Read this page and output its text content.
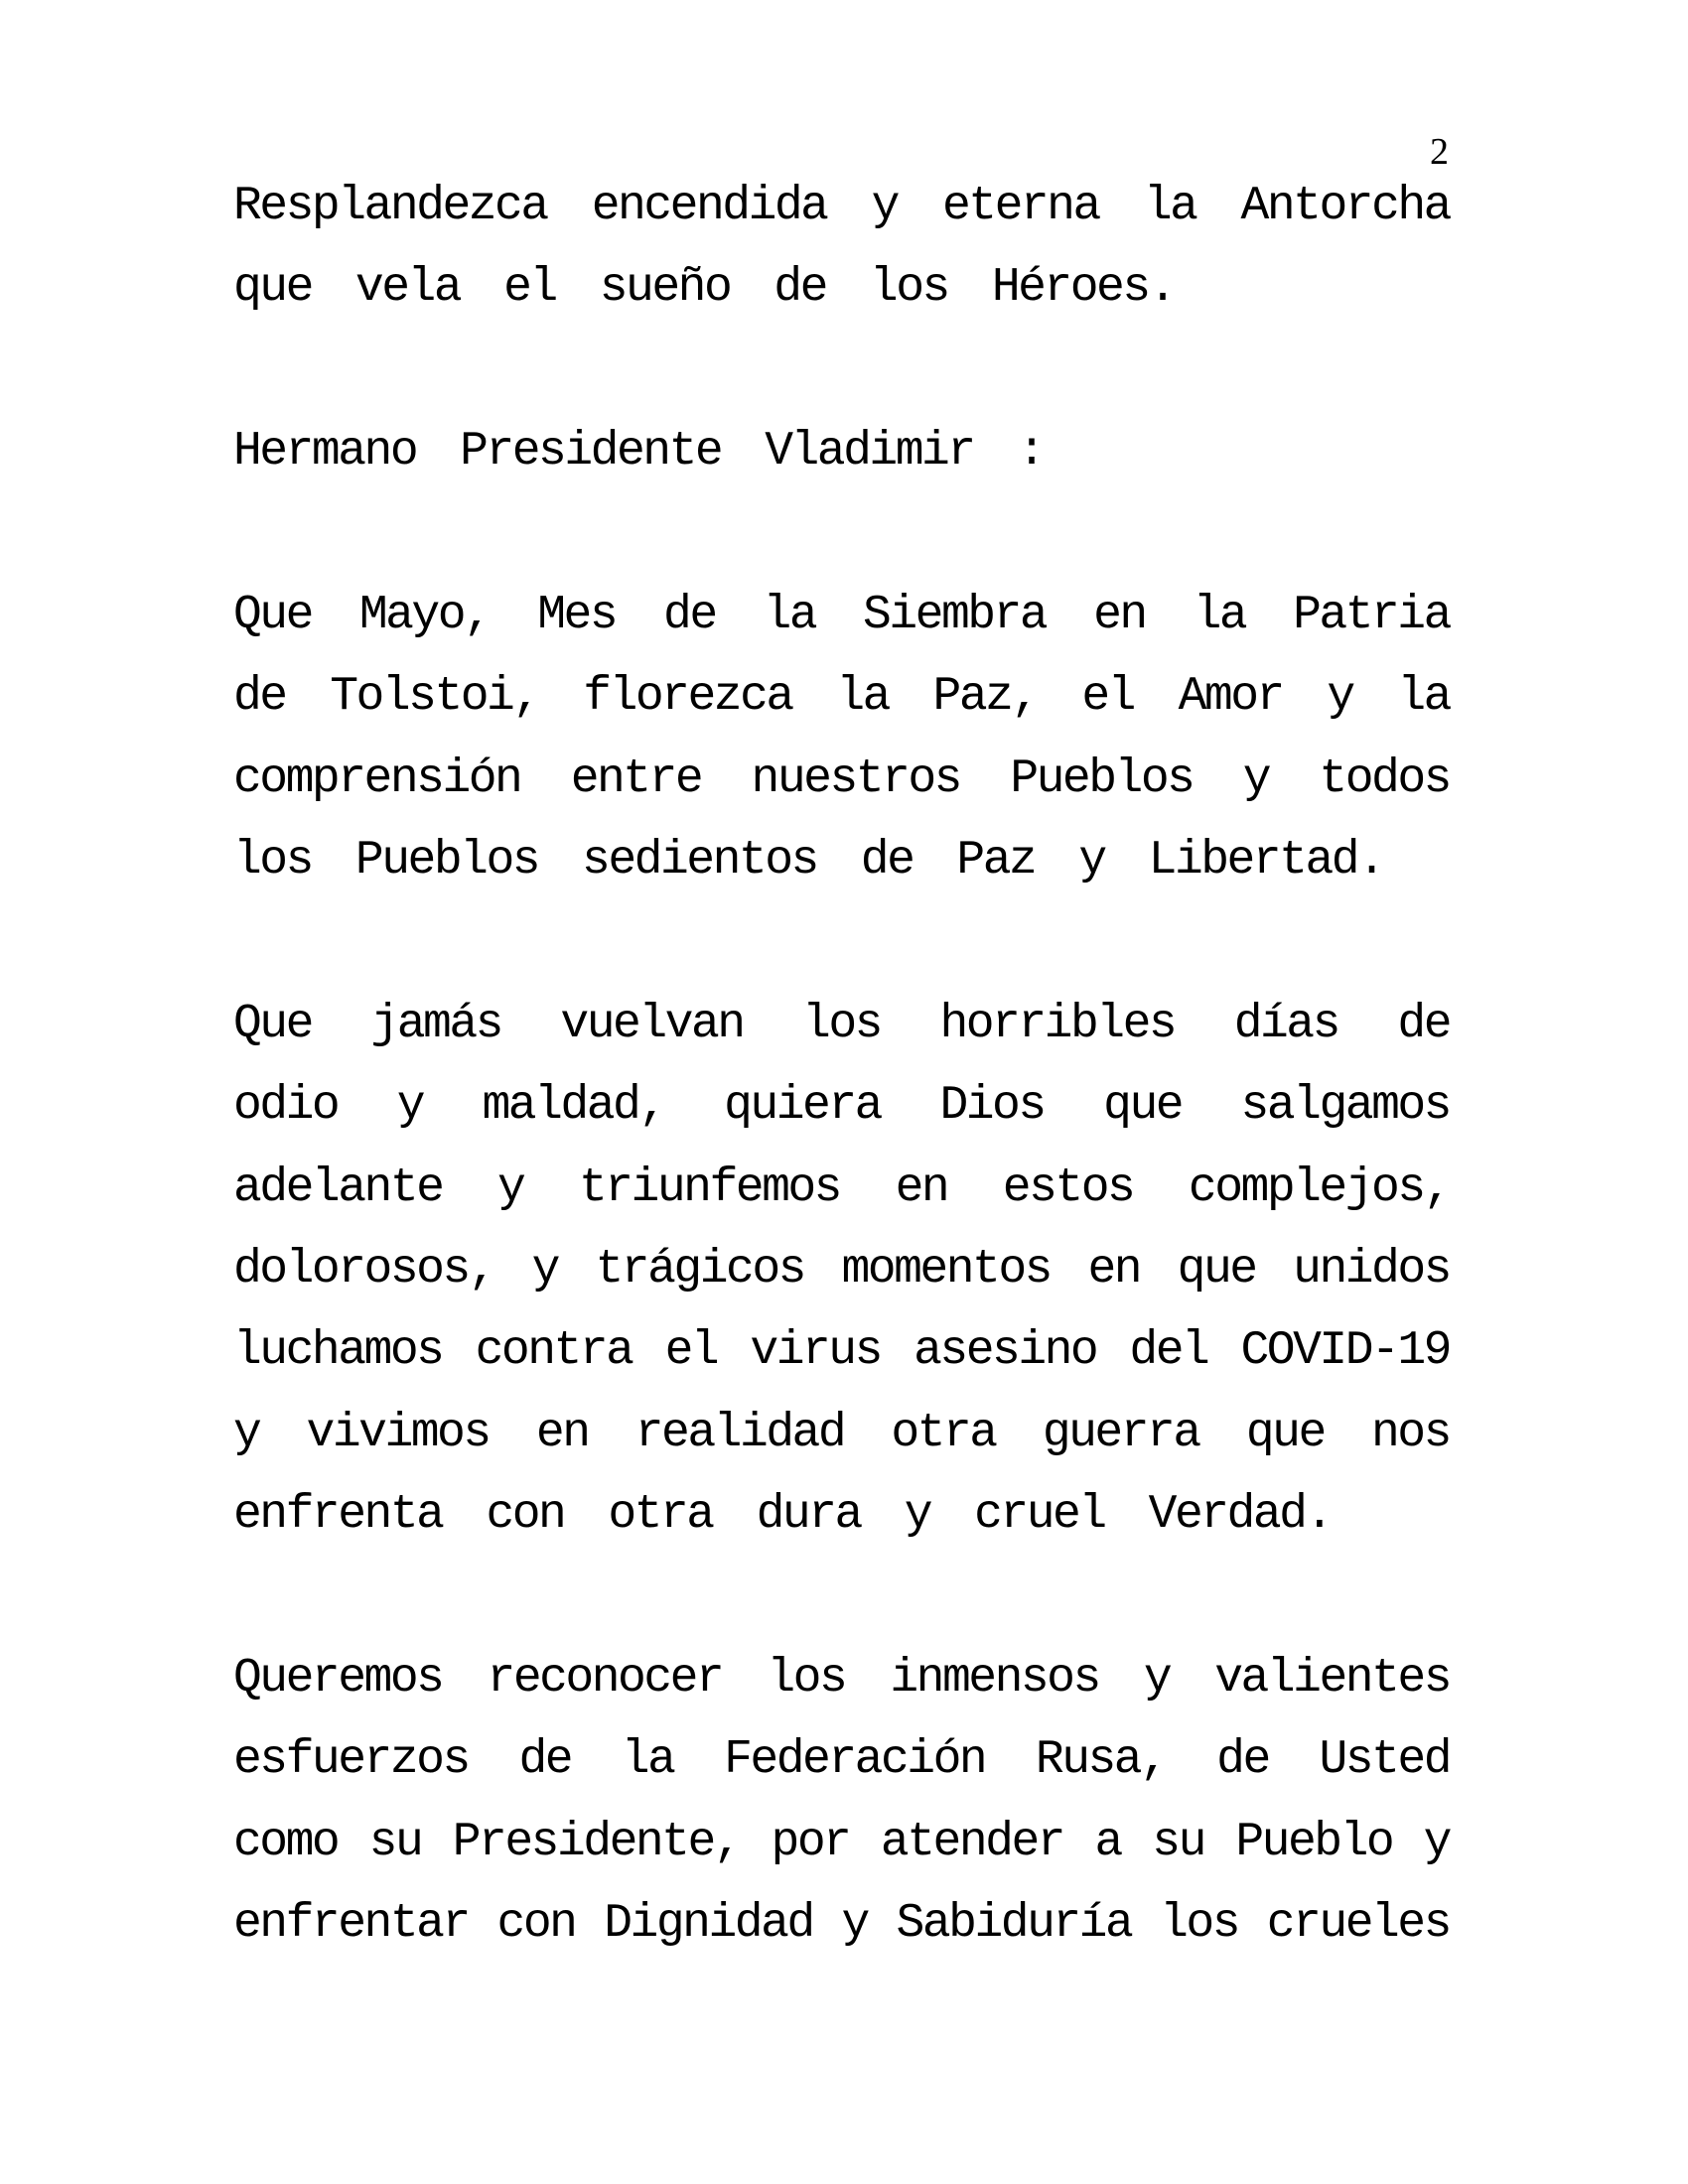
2
Resplandezca encendida y eterna la Antorcha
que vela el sueño de los Héroes.
Hermano Presidente Vladimir :
Que Mayo, Mes de la Siembra en la Patria
de Tolstoi, florezca la Paz, el Amor y la
comprensión entre nuestros Pueblos y todos
los Pueblos sedientos de Paz y Libertad.
Que jamás vuelvan los horribles días de
odio y maldad, quiera Dios que salgamos
adelante y triunfemos en estos complejos,
dolorosos, y trágicos momentos en que unidos
luchamos contra el virus asesino del COVID-19
y vivimos en realidad otra guerra que nos
enfrenta con otra dura y cruel Verdad.
Queremos reconocer los inmensos y valientes
esfuerzos de la Federación Rusa, de Usted
como su Presidente, por atender a su Pueblo y
enfrentar con Dignidad y Sabiduría los crueles
